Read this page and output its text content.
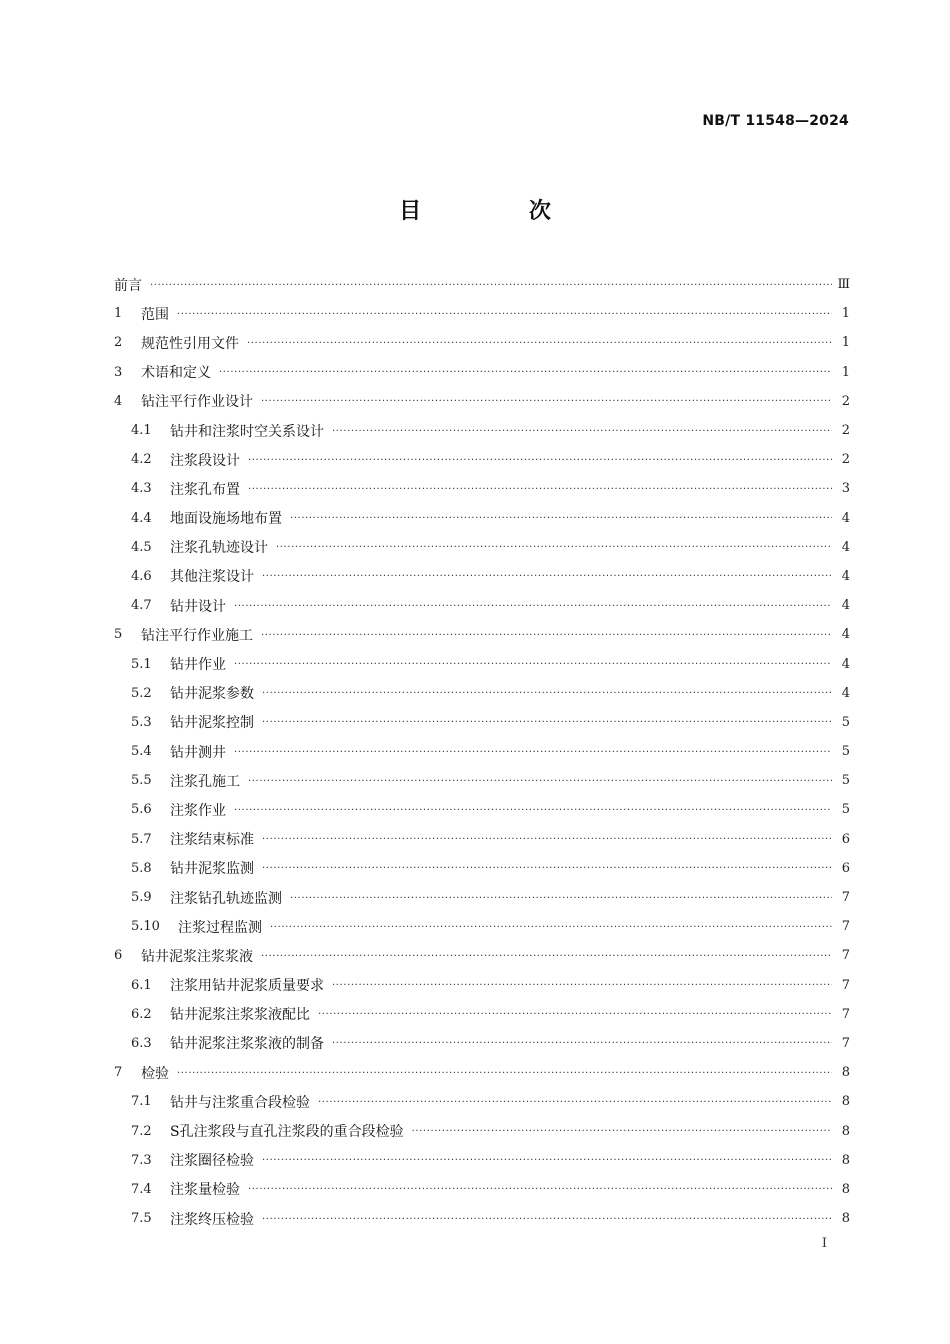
NB/T 11548—2024
目 次
前言 ·····	Ⅲ
1	范围 ·····	1
2	规范性引用文件 ·····	1
3	术语和定义 ·····	1
4	钻注平行作业设计 ·····	2
4.1	钻井和注浆时空关系设计 ·····	2
4.2	注浆段设计 ·····	2
4.3	注浆孔布置 ·····	3
4.4	地面设施场地布置 ·····	4
4.5	注浆孔轨迹设计 ·····	4
4.6	其他注浆设计 ·····	4
4.7	钻井设计 ·····	4
5	钻注平行作业施工 ·····	4
5.1	钻井作业 ·····	4
5.2	钻井泥浆参数 ·····	4
5.3	钻井泥浆控制 ·····	5
5.4	钻井测井 ·····	5
5.5	注浆孔施工 ·····	5
5.6	注浆作业 ·····	5
5.7	注浆结束标准 ·····	6
5.8	钻井泥浆监测 ·····	6
5.9	注浆钻孔轨迹监测 ·····	7
5.10	注浆过程监测 ·····	7
6	钻井泥浆注浆浆液 ·····	7
6.1	注浆用钻井泥浆质量要求 ·····	7
6.2	钻井泥浆注浆浆液配比 ·····	7
6.3	钻井泥浆注浆浆液的制备 ·····	7
7	检验 ·····	8
7.1	钻井与注浆重合段检验 ·····	8
7.2	S孔注浆段与直孔注浆段的重合段检验 ·····	8
7.3	注浆圈径检验 ·····	8
7.4	注浆量检验 ·····	8
7.5	注浆终压检验 ·····	8
I
